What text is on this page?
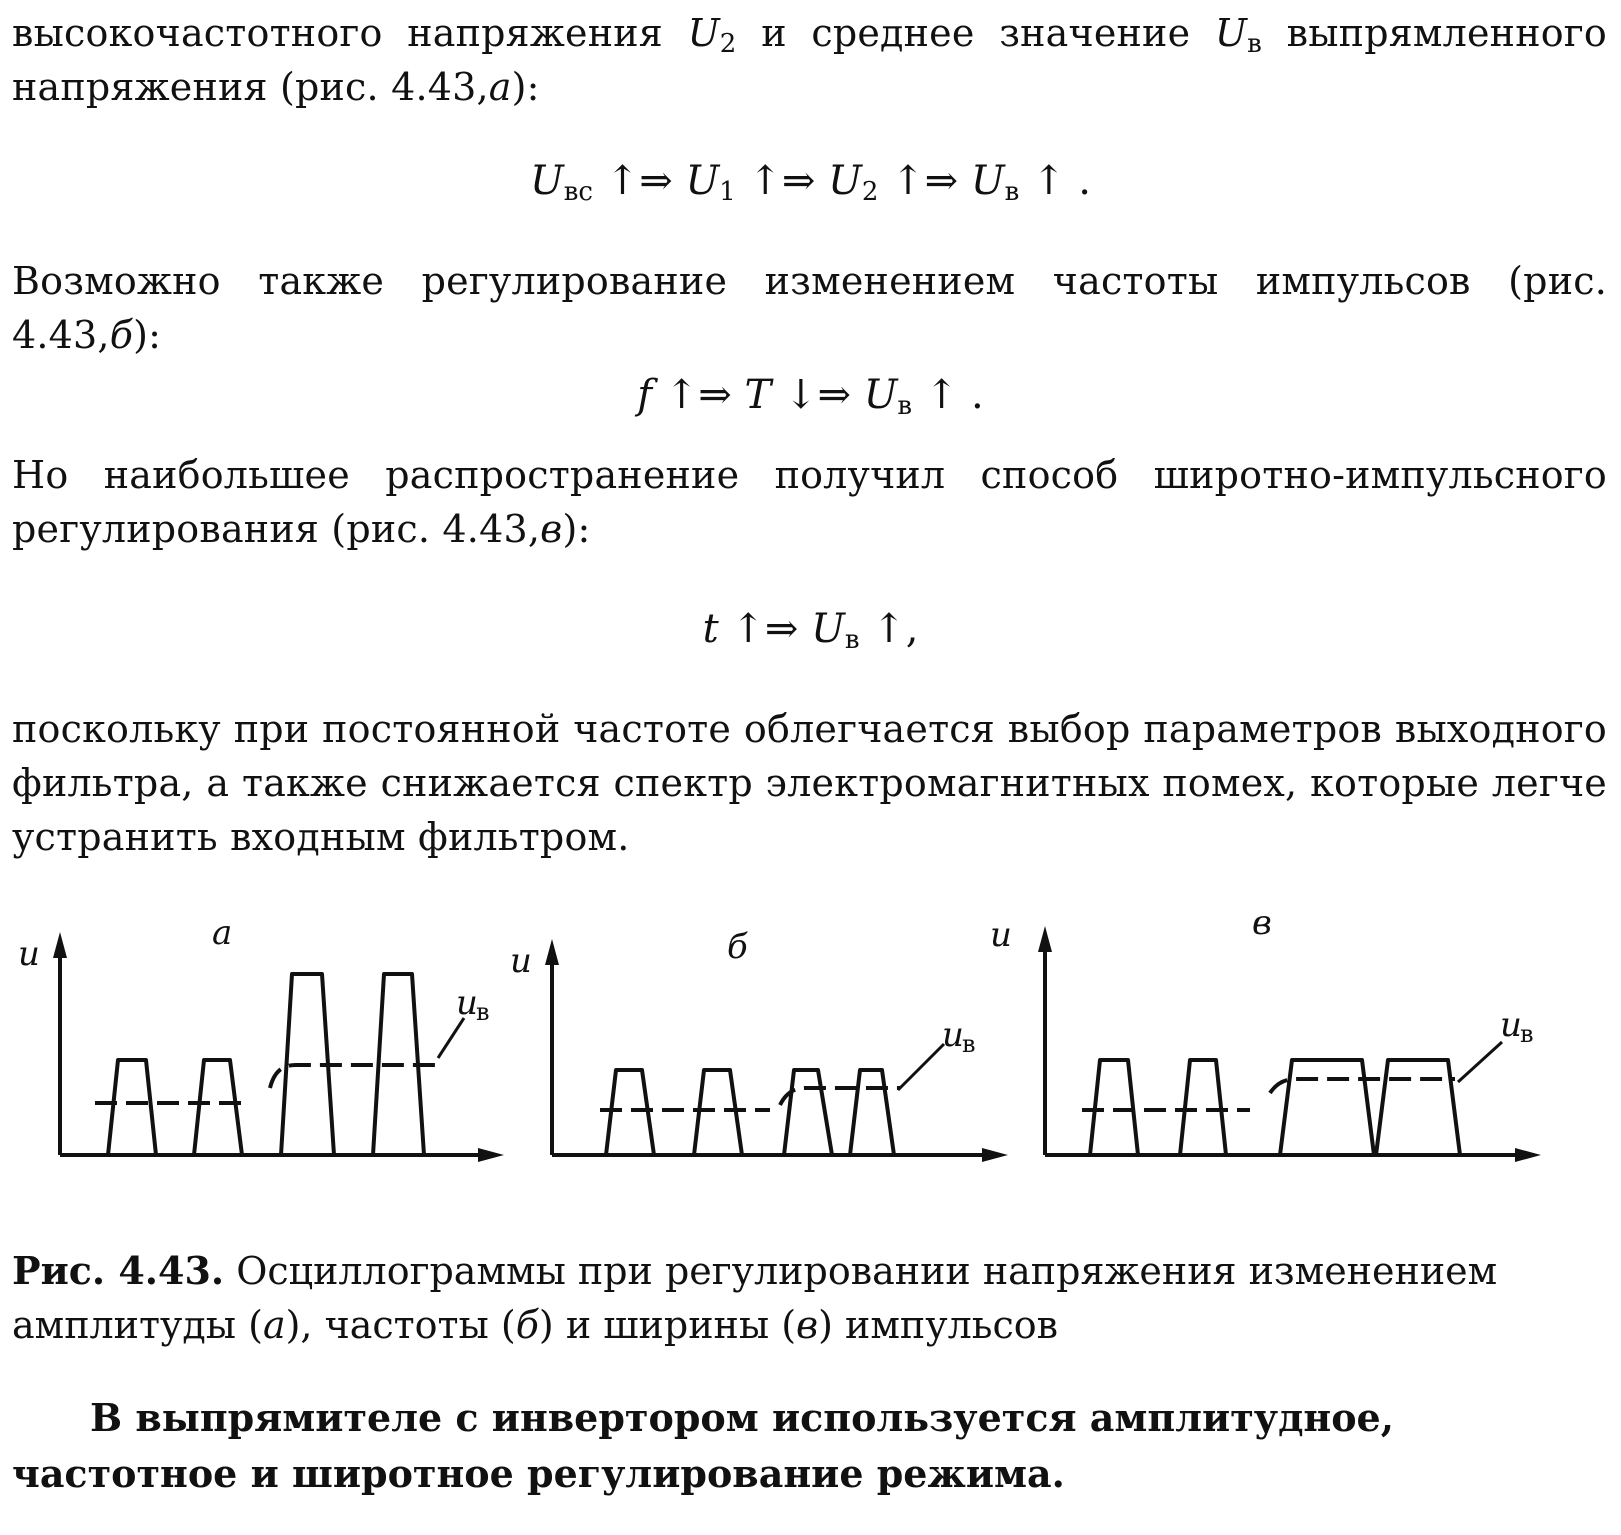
высокочастотного напряжения $U_2$ и среднее значение $U_в$ выпрямленного напряжения (рис. 4.43,а):
$U_{вс}$ ↑⇒ $U_1$ ↑⇒ $U_2$ ↑⇒ $U_в$ ↑ .
Возможно также регулирование изменением частоты импульсов (рис. 4.43,б):
f ↑⇒ T ↓⇒ $U_в$ ↑ .
Но наибольшее распространение получил способ широтно-импульсного регулирования (рис. 4.43,в):
t ↑⇒ $U_в$ ↑,
поскольку при постоянной частоте облегчается выбор параметров выходного фильтра, а также снижается спектр электромагнитных помех, которые легче устранить входным фильтром.
u
а
u
в
u	б
u
в
u	в
u
в
Рис. 4.43. Осциллограммы при регулировании напряжения изменением амплитуды (а), частоты (б) и ширины (в) импульсов
В выпрямителе с инвертором используется амплитудное, частотное и широтное регулирование режима.
